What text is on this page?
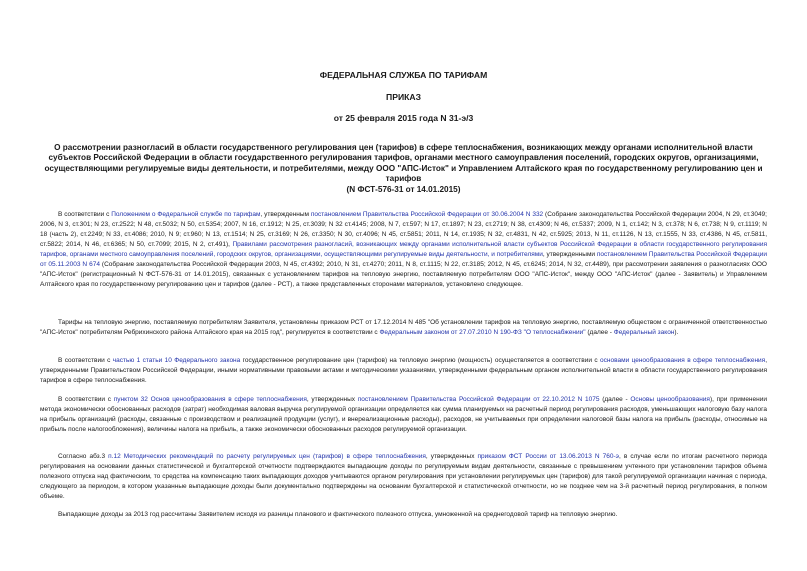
ФЕДЕРАЛЬНАЯ СЛУЖБА ПО ТАРИФАМ
ПРИКАЗ
от 25 февраля 2015 года N 31-э/3
О рассмотрении разногласий в области государственного регулирования цен (тарифов) в сфере теплоснабжения, возникающих между органами исполнительной власти субъектов Российской Федерации в области государственного регулирования тарифов, органами местного самоуправления поселений, городских округов, организациями, осуществляющими регулируемые виды деятельности, и потребителями, между ООО "АПС-Исток" и Управлением Алтайского края по государственному регулированию цен и тарифов
(N ФСТ-576-31 от 14.01.2015)
В соответствии с Положением о Федеральной службе по тарифам, утвержденным постановлением Правительства Российской Федерации от 30.06.2004 N 332 (Собрание законодательства Российской Федерации 2004, N 29, ст.3049; 2006, N 3, ст.301; N 23, ст.2522; N 48, ст.5032; N 50, ст.5354; 2007, N 16, ст.1912; N 25, ст.3039; N 32 ст.4145; 2008, N 7, ст.597; N 17, ст.1897; N 23, ст.2719; N 38, ст.4309; N 46, ст.5337; 2009, N 1, ст.142; N 3, ст.378; N 6, ст.738; N 9, ст.1119; N 18 (часть 2), ст.2249; N 33, ст.4086; 2010, N 9; ст.960; N 13, ст.1514; N 25, ст.3169; N 26, ст.3350; N 30, ст.4096; N 45, ст.5851; 2011, N 14, ст.1935; N 32, ст.4831, N 42, ст.5925; 2013, N 11, ст.1126, N 13, ст.1555, N 33, ст.4386, N 45, ст.5811, ст.5822; 2014, N 46, ст.6365; N 50, ст.7099; 2015, N 2, ст.491), Правилами рассмотрения разногласий, возникающих между органами исполнительной власти субъектов Российской Федерации в области государственного регулирования тарифов, органами местного самоуправления поселений, городских округов, организациями, осуществляющими регулируемые виды деятельности, и потребителями, утвержденными постановлением Правительства Российской Федерации от 05.11.2003 N 674 (Собрание законодательства Российской Федерации 2003, N 45, ст.4392; 2010, N 31, ст.4270; 2011, N 8, ст.1115; N 22, ст.3185; 2012, N 45, ст.6245; 2014, N 32, ст.4489), при рассмотрении заявления о разногласиях ООО "АПС-Исток" (регистрационный N ФСТ-576-31 от 14.01.2015), связанных с установлением тарифов на тепловую энергию, поставляемую потребителям ООО "АПС-Исток", между ООО "АПС-Исток" (далее - Заявитель) и Управлением Алтайского края по государственному регулированию цен и тарифов (далее - РСТ), а также представленных сторонами материалов, установлено следующее.
Тарифы на тепловую энергию, поставляемую потребителям Заявителя, установлены приказом РСТ от 17.12.2014 N 485 "Об установлении тарифов на тепловую энергию, поставляемую обществом с ограниченной ответственностью "АПС-Исток" потребителям Ребрихинского района Алтайского края на 2015 год", регулируется в соответствии с Федеральным законом от 27.07.2010 N 190-ФЗ "О теплоснабжении" (далее - Федеральный закон).
В соответствии с частью 1 статьи 10 Федерального закона государственное регулирование цен (тарифов) на тепловую энергию (мощность) осуществляется в соответствии с основами ценообразования в сфере теплоснабжения, утвержденными Правительством Российской Федерации, иными нормативными правовыми актами и методическими указаниями, утвержденными федеральным органом исполнительной власти в области государственного регулирования тарифов в сфере теплоснабжения.
В соответствии с пунктом 32 Основ ценообразования в сфере теплоснабжения, утвержденных постановлением Правительства Российской Федерации от 22.10.2012 N 1075 (далее - Основы ценообразования), при применении метода экономически обоснованных расходов (затрат) необходимая валовая выручка регулируемой организации определяется как сумма планируемых на расчетный период регулирования расходов, уменьшающих налоговую базу налога на прибыль организаций (расходы, связанные с производством и реализацией продукции (услуг), и внереализационные расходы), расходов, не учитываемых при определении налоговой базы налога на прибыль (расходы, относимые на прибыль после налогообложения), величины налога на прибыль, а также экономически обоснованных расходов регулируемой организации.
Согласно абз.3 п.12 Методических рекомендаций по расчету регулируемых цен (тарифов) в сфере теплоснабжения, утвержденных приказом ФСТ России от 13.06.2013 N 760-э, в случае если по итогам расчетного периода регулирования на основании данных статистической и бухгалтерской отчетности подтверждаются выпадающие доходы по регулируемым видам деятельности, связанные с превышением учтенного при установлении тарифов объема полезного отпуска над фактическим, то средства на компенсацию таких выпадающих доходов учитываются органом регулирования при установлении регулируемых цен (тарифов) для такой регулируемой организации начиная с периода, следующего за периодом, в котором указанные выпадающие доходы были документально подтверждены на основании бухгалтерской и статистической отчетности, но не позднее чем на 3-й расчетный период регулирования, в полном объеме.
Выпадающие доходы за 2013 год рассчитаны Заявителем исходя из разницы планового и фактического полезного отпуска, умноженной на среднегодовой тариф на тепловую энергию.
